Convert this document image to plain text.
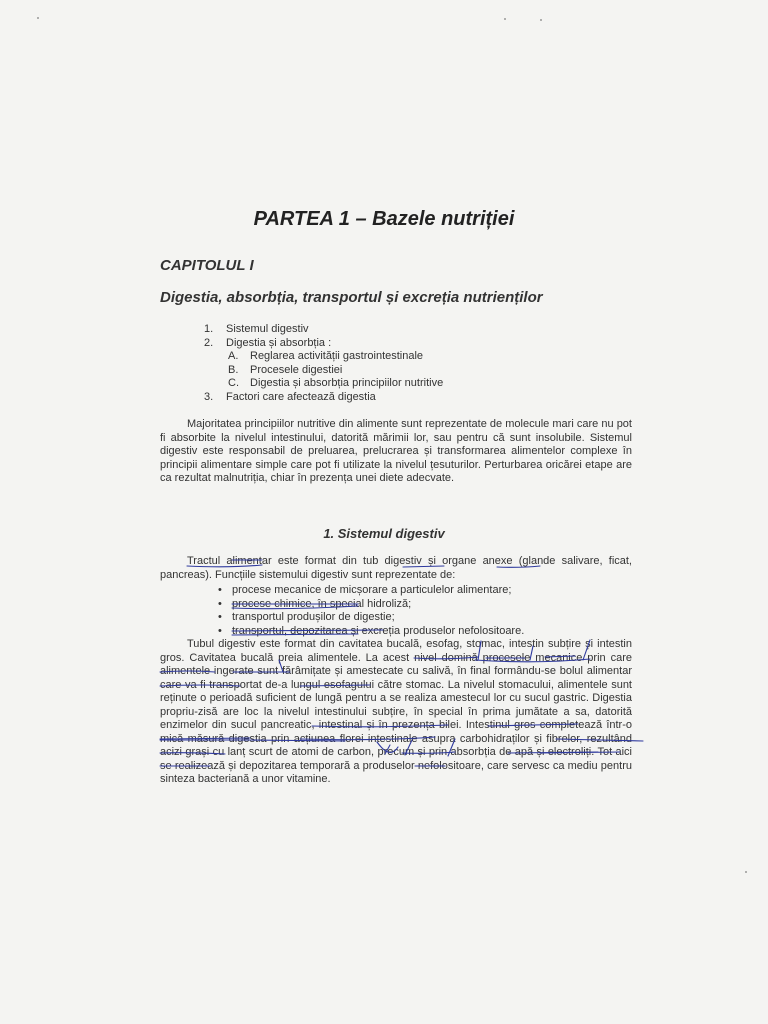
PARTEA 1 – Bazele nutriției
CAPITOLUL I
Digestia, absorbția, transportul și excreția nutrienților
1. Sistemul digestiv
2. Digestia și absorbția :
A. Reglarea activității gastrointestinale
B. Procesele digestiei
C. Digestia și absorbția principiilor nutritive
3. Factori care afectează digestia
Majoritatea principiilor nutritive din alimente sunt reprezentate de molecule mari care nu pot fi absorbite la nivelul intestinului, datorită mărimii lor, sau pentru că sunt insolubile. Sistemul digestiv este responsabil de preluarea, prelucrarea și transformarea alimentelor complexe în principii alimentare simple care pot fi utilizate la nivelul țesuturilor. Perturbarea oricărei etape are ca rezultat malnutriția, chiar în prezența unei diete adecvate.
1. Sistemul digestiv
Tractul alimentar este format din tub digestiv și organe anexe (glande salivare, ficat, pancreas). Funcțiile sistemului digestiv sunt reprezentate de:
• procese mecanice de micșorare a particulelor alimentare;
• procese chimice, în special hidroliză;
• transportul produșilor de digestie;
• transportul, depozitarea și excreția produselor nefolositoare.
Tubul digestiv este format din cavitatea bucală, esofag, stomac, intestin subțire și intestin gros. Cavitatea bucală preia alimentele. La acest nivel domină procesele mecanice prin care alimentele ingerate sunt fărâmițate și amestecate cu salivă, în final formându-se bolul alimentar care va fi transportat de-a lungul esofagului către stomac. La nivelul stomacului, alimentele sunt reținute o perioadă suficient de lungă pentru a se realiza amestecul lor cu sucul gastric. Digestia propriu-zisă are loc la nivelul intestinului subțire, în special în prima jumătate a sa, datorită enzimelor din sucul pancreatic, intestinal și în prezența bilei. Intestinul gros completează într-o mică măsură digestia prin acțiunea florei intestinale asupra carbohidraților și fibrelor, rezultând acizi grași cu lanț scurt de atomi de carbon, precum și prin absorbția de apă și electroliți. Tot aici se realizează și depozitarea temporară a produselor nefolositoare, care servesc ca mediu pentru sinteza bacteriană a unor vitamine.
